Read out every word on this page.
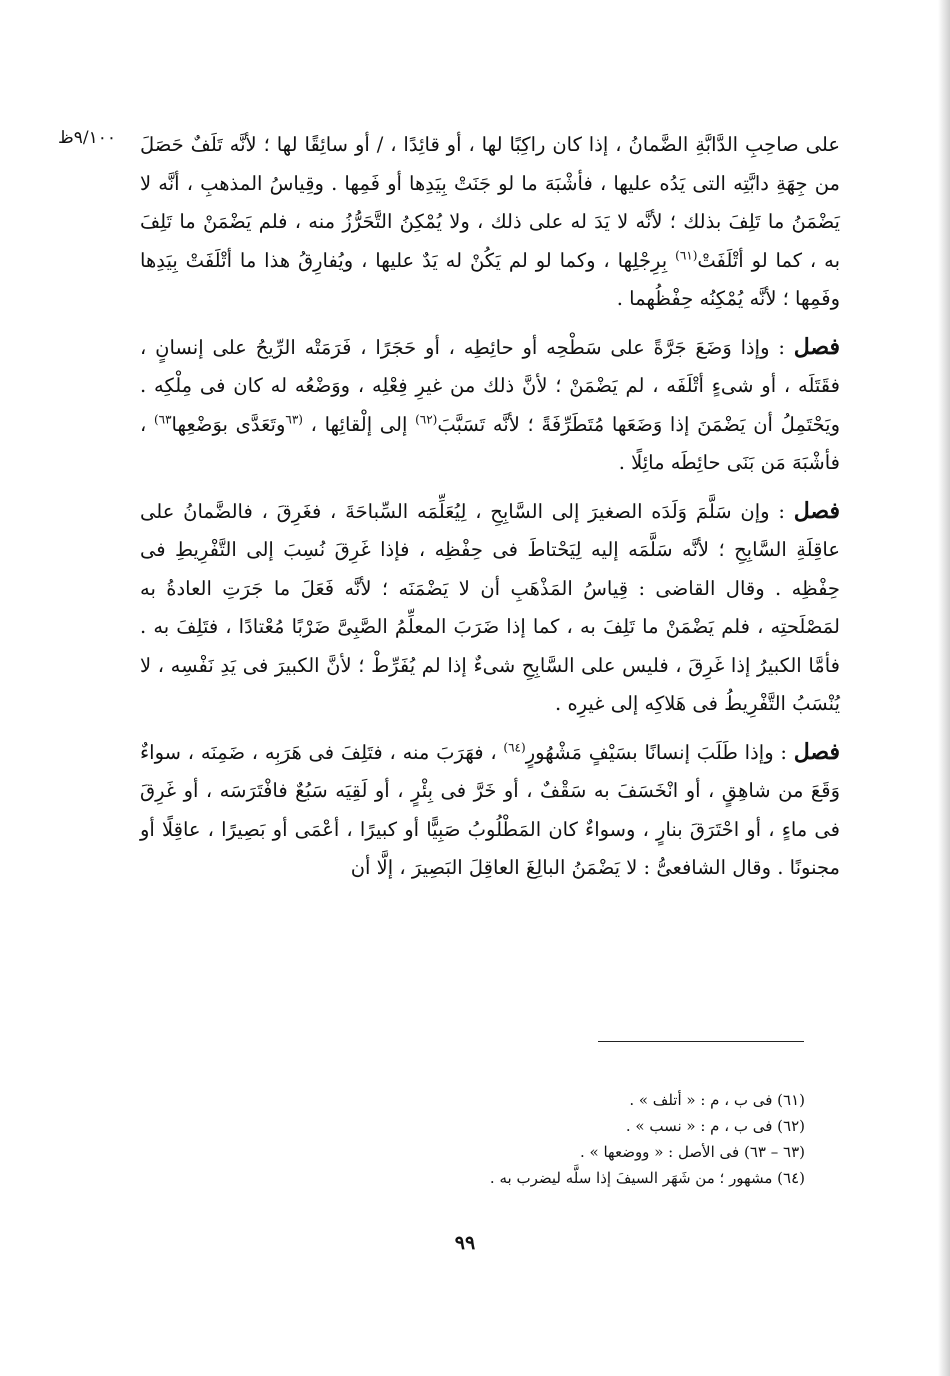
٩/١٠٠ظ على صاحِبِ الدَّابَّةِ الضَّمانُ ، إذا كان راكِبًا لها ، أو قائِدًا ، / أو سائِقًا لها ؛ لأنَّه تَلَفٌ حَصَلَ من جِهَةِ دابَّتِه التى يَدُه عليها ، فأشْبَهَ ما لو جَنَتْ بِيَدِها أو فَمِها . وقِياسُ المذهبِ ، أنَّه لا يَضْمَنُ ما تَلِفَ بذلك ؛ لأنَّه لا يَدَ له على ذلك ، ولا يُمْكِنُ التَّحَرُّزُ منه ، فلم يَضْمَنْ ما تَلِفَ به ، كما لو أتْلَفَتْ$^{(٦١)}$ بِرِجْلِها ، وكما لو لم يَكُنْ له يَدٌ عليها ، ويُفارِقُ هذا ما أتْلَفَتْ بِيَدِها وفَمِها ؛ لأنَّه يُمْكِنُه حِفْظُهما .

فصل : وإذا وَضَعَ جَرَّةً على سَطْحِه أو حائِطِه ، أو حَجَرًا ، فَرَمَتْه الرِّيحُ على إنسانٍ ، فقَتَلَه ، أو شىءٍ أتْلَفَه ، لم يَضْمَنْ ؛ لأنَّ ذلك من غيرِ فِعْلِه ، ووَضْعُه له كان فى مِلْكِه . ويَحْتَمِلُ أن يَضْمَنَ إذا وَضَعَها مُتَطَرِّفَةً ؛ لأنَّه تَسَبَّبَ$^{(٦٢)}$ إلى إلْقائِها ، $^{(٦٣}$وتَعَدَّى بوَضْعِها$^{٦٣)}$ ، فأشْبَهَ مَن بَنَى حائِطَه مائِلًا .

فصل : وإن سَلَّمَ وَلَدَه الصغيرَ إلى السَّابِحِ ، لِيُعَلِّمَه السِّباحَةَ ، فغَرِقَ ، فالضَّمانُ على عاقِلَةِ السَّابِحِ ؛ لأنَّه سَلَّمَه إليه لِيَحْتاطَ فى حِفْظِه ، فإذا غَرِقَ نُسِبَ إلى التَّفْرِيطِ فى حِفْظِه . وقال القاضى : قِياسُ المَذْهَبِ أن لا يَضْمَنَه ؛ لأنَّه فَعَلَ ما جَرَتِ العادةُ به لمَصْلَحتِه ، فلم يَضْمَنْ ما تَلِفَ به ، كما إذا ضَرَبَ المعلِّمُ الصَّبِىَّ ضَرْبًا مُعْتادًا ، فتَلِفَ به . فأمَّا الكبيرُ إذا غَرِقَ ، فليس على السَّابِحِ شىءٌ إذا لم يُفَرِّطْ ؛ لأنَّ الكبيرَ فى يَدِ نَفْسِه ، لا يُنْسَبُ التَّفْرِيطُ فى هَلاكِه إلى غيرِه .

فصل : وإذا طَلَبَ إنسانًا بسَيْفٍ مَشْهُورٍ$^{(٦٤)}$ ، فهَرَبَ منه ، فتَلِفَ فى هَرَبِه ، ضَمِنَه ، سواءٌ وَقَعَ من شاهِقٍ ، أو انْخَسَفَ به سَقْفٌ ، أو خَرَّ فى بِئْرٍ ، أو لَقِيَه سَبُعٌ فافْتَرَسَه ، أو غَرِقَ فى ماءٍ ، أو احْتَرَقَ بنارٍ ، وسواءٌ كان المَطْلُوبُ صَبِيًّا أو كبيرًا ، أعْمَى أو بَصِيرًا ، عاقِلًا أو مجنونًا . وقال الشافعىُّ : لا يَضْمَنُ البالِغَ العاقِلَ البَصِيرَ ، إلَّا أن

(٦١) فى ب ، م : « أتلف » .

(٦٢) فى ب ، م : « نسب » .

(٦٣ – ٦٣) فى الأصل : « ووضعها » .

(٦٤) مشهور ؛ من شَهَر السيفَ إذا سلَّه ليضرب به .

٩٩
